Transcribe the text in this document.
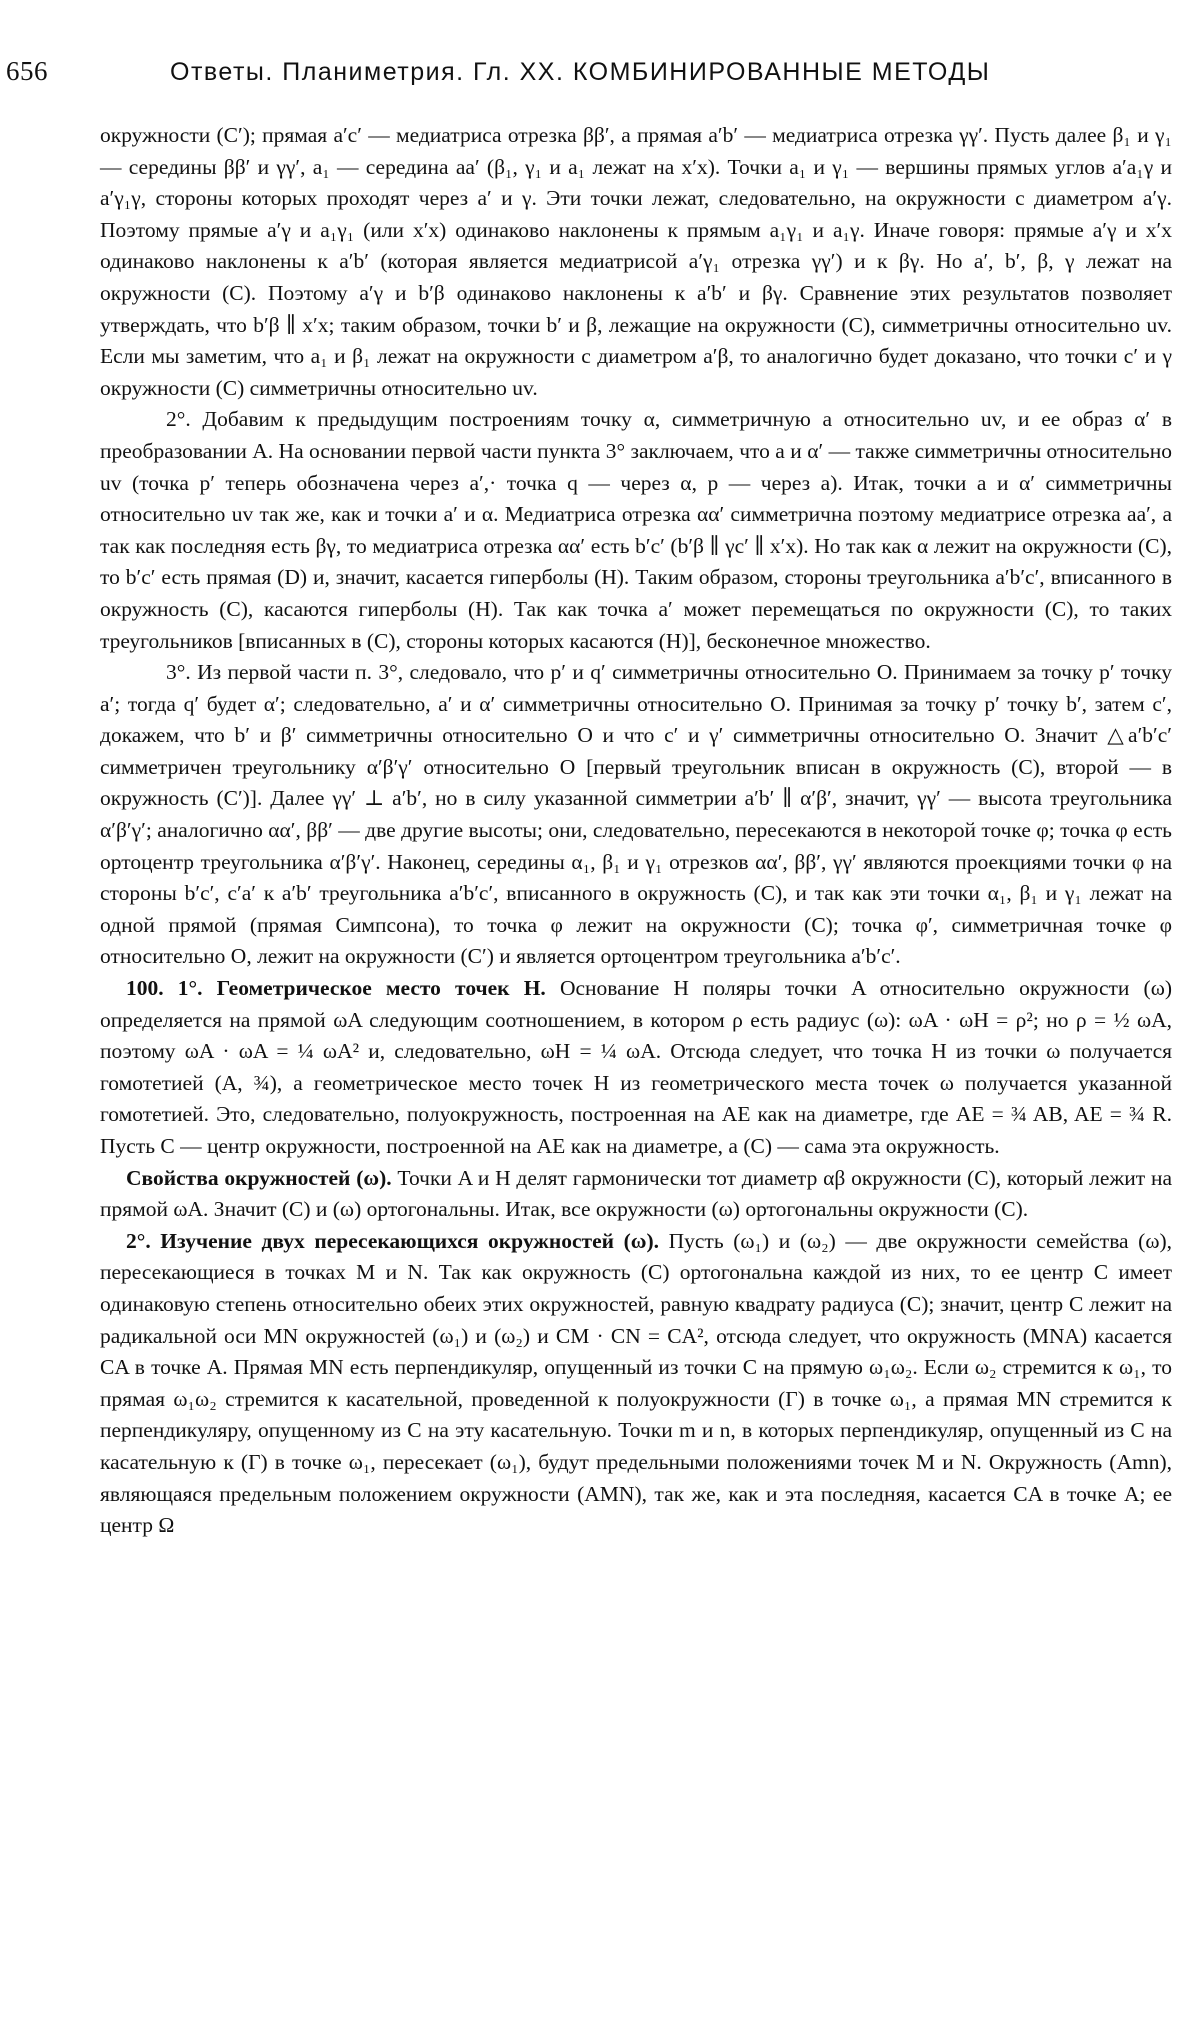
656	Ответы. Планиметрия. Гл. XX. КОМБИНИРОВАННЫЕ МЕТОДЫ

окружности (C′); прямая a′c′ — медиатриса отрезка ββ′, а прямая a′b′ — медиатриса отрезка γγ′. Пусть далее β₁ и γ₁ — середины ββ′ и γγ′, a₁ — середина aa′ (β₁, γ₁ и a₁ лежат на x′x). Точки a₁ и γ₁ — вершины прямых углов a′a₁γ и a′γ₁γ, стороны которых проходят через a′ и γ. Эти точки лежат, следовательно, на окружности с диаметром a′γ. Поэтому прямые a′γ и a₁γ₁ (или x′x) одинаково наклонены к прямым a₁γ₁ и a₁γ. Иначе говоря: прямые a′γ и x′x одинаково наклонены к a′b′ (которая является медиатрисой a′γ₁ отрезка γγ′) и к βγ. Но a′, b′, β, γ лежат на окружности (C). Поэтому a′γ и b′β одинаково наклонены к a′b′ и βγ. Сравнение этих результатов позволяет утверждать, что b′β ∥ x′x; таким образом, точки b′ и β, лежащие на окружности (C), симметричны относительно uv. Если мы заметим, что a₁ и β₁ лежат на окружности с диаметром a′β, то аналогично будет доказано, что точки c′ и γ окружности (C) симметричны относительно uv.

2°. Добавим к предыдущим построениям точку α, симметричную a относительно uv, и ее образ α′ в преобразовании A. На основании первой части пункта 3° заключаем, что a и α′ — также симметричны относительно uv (точка p′ теперь обозначена через a′,· точка q — через α, p — через a). Итак, точки a и α′ симметричны относительно uv так же, как и точки a′ и α. Медиатриса отрезка αα′ симметрична поэтому медиатрисе отрезка aa′, а так как последняя есть βγ, то медиатриса отрезка αα′ есть b′c′ (b′β ∥ γc′ ∥ x′x). Но так как α лежит на окружности (C), то b′c′ есть прямая (D) и, значит, касается гиперболы (H). Таким образом, стороны треугольника a′b′c′, вписанного в окружность (C), касаются гиперболы (H). Так как точка a′ может перемещаться по окружности (C), то таких треугольников [вписанных в (C), стороны которых касаются (H)], бесконечное множество.

3°. Из первой части п. 3°, следовало, что p′ и q′ симметричны относительно O. Принимаем за точку p′ точку a′; тогда q′ будет α′; следовательно, a′ и α′ симметричны относительно O. Принимая за точку p′ точку b′, затем c′, докажем, что b′ и β′ симметричны относительно O и что c′ и γ′ симметричны относительно O. Значит △a′b′c′ симметричен треугольнику α′β′γ′ относительно O [первый треугольник вписан в окружность (C), второй — в окружность (C′)]. Далее γγ′ ⊥ a′b′, но в силу указанной симметрии a′b′ ∥ α′β′, значит, γγ′ — высота треугольника α′β′γ′; аналогично αα′, ββ′ — две другие высоты; они, следовательно, пересекаются в некоторой точке φ; точка φ есть ортоцентр треугольника α′β′γ′. Наконец, середины α₁, β₁ и γ₁ отрезков αα′, ββ′, γγ′ являются проекциями точки φ на стороны b′c′, c′a′ к a′b′ треугольника a′b′c′, вписанного в окружность (C), и так как эти точки α₁, β₁ и γ₁ лежат на одной прямой (прямая Симпсона), то точка φ лежит на окружности (C); точка φ′, симметричная точке φ относительно O, лежит на окружности (C′) и является ортоцентром треугольника a′b′c′.

100. 1°. Геометрическое место точек H. Основание H поляры точки A относительно окружности (ω) определяется на прямой ωA следующим соотношением, в котором ρ есть радиус (ω): ωA · ωH = ρ²; но ρ = ½ ωA, поэтому ωA · ωA = ¼ ωA² и, следовательно, ωH = ¼ ωA. Отсюда следует, что точка H из точки ω получается гомотетией (A, ¾), а геометрическое место точек H из геометрического места точек ω получается указанной гомотетией. Это, следовательно, полуокружность, построенная на AE как на диаметре, где AE = ¾ AB, AE = ¾ R. Пусть C — центр окружности, построенной на AE как на диаметре, а (C) — сама эта окружность.

Свойства окружностей (ω). Точки A и H делят гармонически тот диаметр αβ окружности (C), который лежит на прямой ωA. Значит (C) и (ω) ортогональны. Итак, все окружности (ω) ортогональны окружности (C).

2°. Изучение двух пересекающихся окружностей (ω). Пусть (ω₁) и (ω₂) — две окружности семейства (ω), пересекающиеся в точках M и N. Так как окружность (C) ортогональна каждой из них, то ее центр C имеет одинаковую степень относительно обеих этих окружностей, равную квадрату радиуса (C); значит, центр C лежит на радикальной оси MN окружностей (ω₁) и (ω₂) и CM · CN = CA², отсюда следует, что окружность (MNA) касается CA в точке A. Прямая MN есть перпендикуляр, опущенный из точки C на прямую ω₁ω₂. Если ω₂ стремится к ω₁, то прямая ω₁ω₂ стремится к касательной, проведенной к полуокружности (Γ) в точке ω₁, а прямая MN стремится к перпендикуляру, опущенному из C на эту касательную. Точки m и n, в которых перпендикуляр, опущенный из C на касательную к (Γ) в точке ω₁, пересекает (ω₁), будут предельными положениями точек M и N. Окружность (Amn), являющаяся предельным положением окружности (AMN), так же, как и эта последняя, касается CA в точке A; ее центр Ω
